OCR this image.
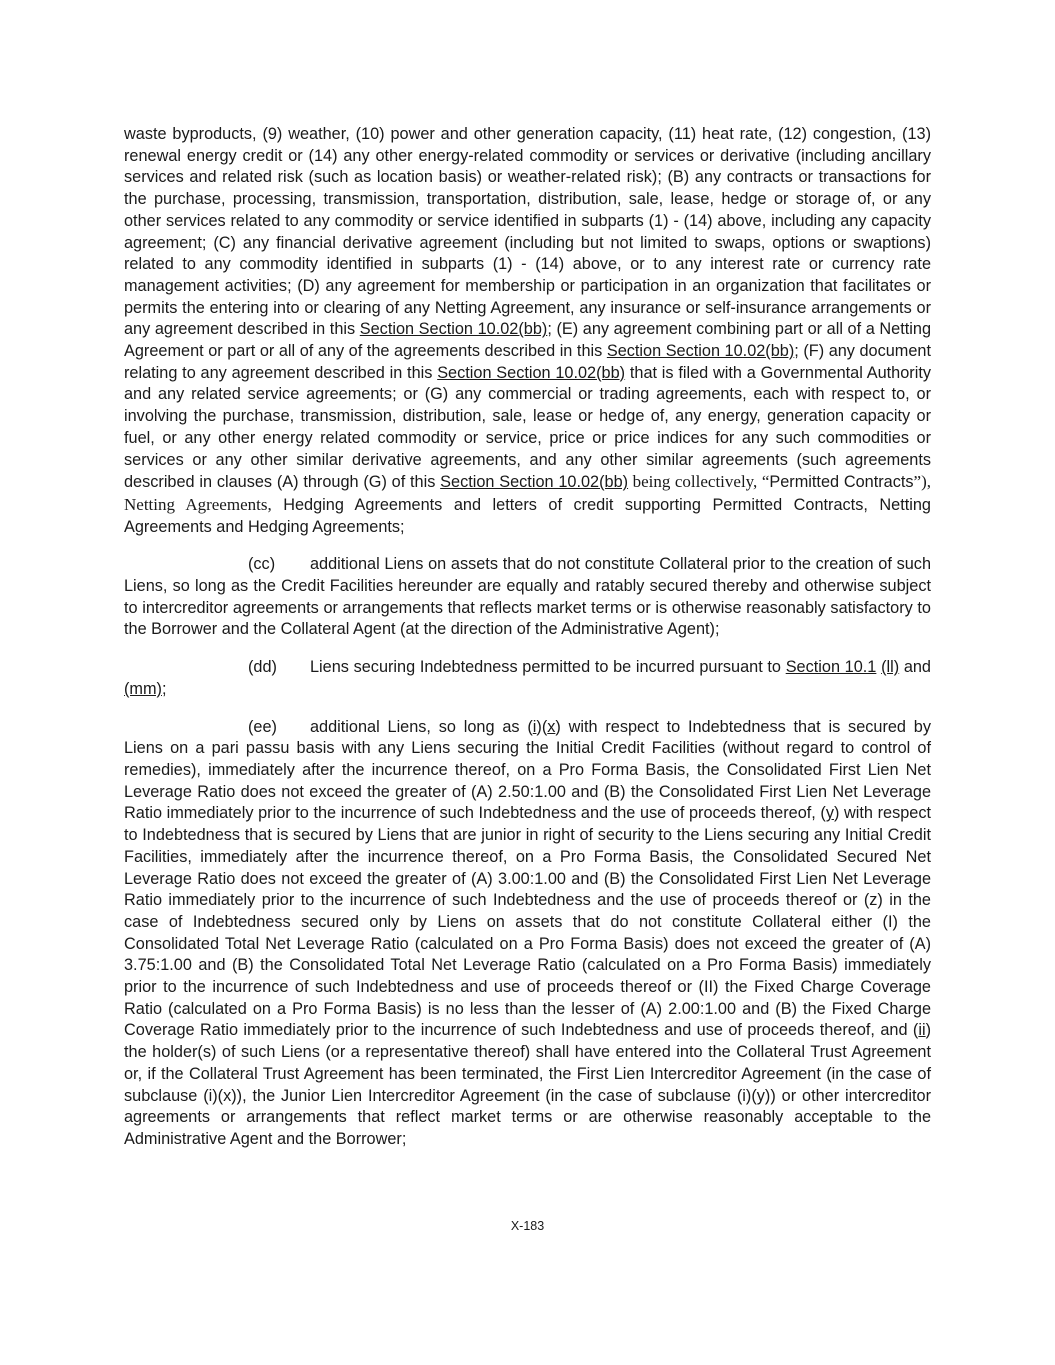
waste byproducts, (9) weather, (10) power and other generation capacity, (11) heat rate, (12) congestion, (13) renewal energy credit or (14) any other energy-related commodity or services or derivative (including ancillary services and related risk (such as location basis) or weather-related risk); (B) any contracts or transactions for the purchase, processing, transmission, transportation, distribution, sale, lease, hedge or storage of, or any other services related to any commodity or service identified in subparts (1) - (14) above, including any capacity agreement; (C) any financial derivative agreement (including but not limited to swaps, options or swaptions) related to any commodity identified in subparts (1) - (14) above, or to any interest rate or currency rate management activities; (D) any agreement for membership or participation in an organization that facilitates or permits the entering into or clearing of any Netting Agreement, any insurance or self-insurance arrangements or any agreement described in this Section Section 10.02(bb); (E) any agreement combining part or all of a Netting Agreement or part or all of any of the agreements described in this Section Section 10.02(bb); (F) any document relating to any agreement described in this Section Section 10.02(bb) that is filed with a Governmental Authority and any related service agreements; or (G) any commercial or trading agreements, each with respect to, or involving the purchase, transmission, distribution, sale, lease or hedge of, any energy, generation capacity or fuel, or any other energy related commodity or service, price or price indices for any such commodities or services or any other similar derivative agreements, and any other similar agreements (such agreements described in clauses (A) through (G) of this Section Section 10.02(bb) being collectively, “Permitted Contracts”), Netting Agreements, Hedging Agreements and letters of credit supporting Permitted Contracts, Netting Agreements and Hedging Agreements;

(cc) additional Liens on assets that do not constitute Collateral prior to the creation of such Liens, so long as the Credit Facilities hereunder are equally and ratably secured thereby and otherwise subject to intercreditor agreements or arrangements that reflects market terms or is otherwise reasonably satisfactory to the Borrower and the Collateral Agent (at the direction of the Administrative Agent);

(dd) Liens securing Indebtedness permitted to be incurred pursuant to Section 10.1 (ll) and (mm);

(ee) additional Liens, so long as (i)(x) with respect to Indebtedness that is secured by Liens on a pari passu basis with any Liens securing the Initial Credit Facilities (without regard to control of remedies), immediately after the incurrence thereof, on a Pro Forma Basis, the Consolidated First Lien Net Leverage Ratio does not exceed the greater of (A) 2.50:1.00 and (B) the Consolidated First Lien Net Leverage Ratio immediately prior to the incurrence of such Indebtedness and the use of proceeds thereof, (y) with respect to Indebtedness that is secured by Liens that are junior in right of security to the Liens securing any Initial Credit Facilities, immediately after the incurrence thereof, on a Pro Forma Basis, the Consolidated Secured Net Leverage Ratio does not exceed the greater of (A) 3.00:1.00 and (B) the Consolidated First Lien Net Leverage Ratio immediately prior to the incurrence of such Indebtedness and the use of proceeds thereof or (z) in the case of Indebtedness secured only by Liens on assets that do not constitute Collateral either (I) the Consolidated Total Net Leverage Ratio (calculated on a Pro Forma Basis) does not exceed the greater of (A) 3.75:1.00 and (B) the Consolidated Total Net Leverage Ratio (calculated on a Pro Forma Basis) immediately prior to the incurrence of such Indebtedness and use of proceeds thereof or (II) the Fixed Charge Coverage Ratio (calculated on a Pro Forma Basis) is no less than the lesser of (A) 2.00:1.00 and (B) the Fixed Charge Coverage Ratio immediately prior to the incurrence of such Indebtedness and use of proceeds thereof, and (ii) the holder(s) of such Liens (or a representative thereof) shall have entered into the Collateral Trust Agreement or, if the Collateral Trust Agreement has been terminated, the First Lien Intercreditor Agreement (in the case of subclause (i)(x)), the Junior Lien Intercreditor Agreement (in the case of subclause (i)(y)) or other intercreditor agreements or arrangements that reflect market terms or are otherwise reasonably acceptable to the Administrative Agent and the Borrower;

X-183
